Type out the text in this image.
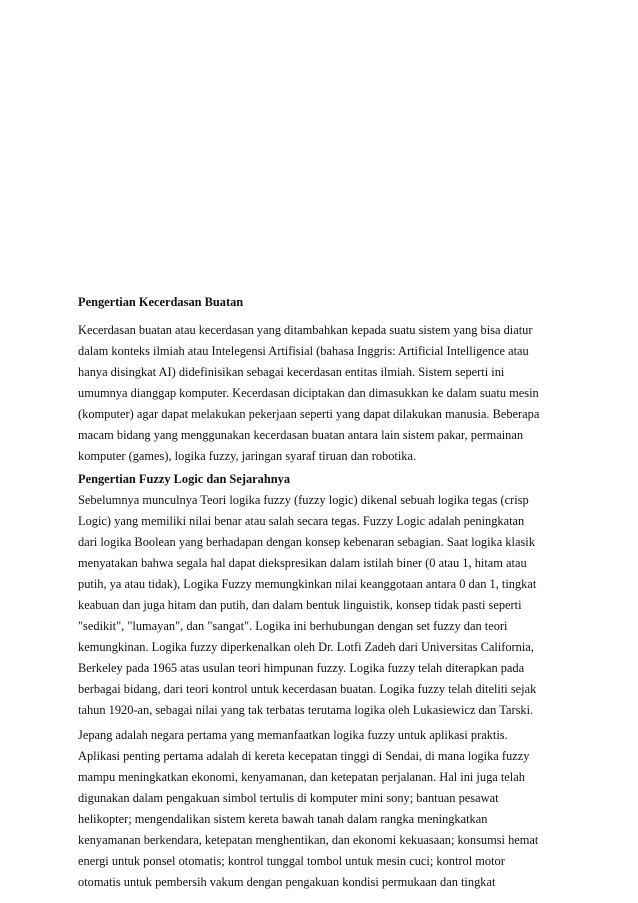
Pengertian Kecerdasan Buatan
Kecerdasan buatan atau kecerdasan yang ditambahkan kepada suatu sistem yang bisa diatur
dalam konteks ilmiah atau Intelegensi Artifisial (bahasa Inggris: Artificial Intelligence atau
hanya disingkat AI) didefinisikan sebagai kecerdasan entitas ilmiah. Sistem seperti ini
umumnya dianggap komputer. Kecerdasan diciptakan dan dimasukkan ke dalam suatu mesin
(komputer) agar dapat melakukan pekerjaan seperti yang dapat dilakukan manusia. Beberapa
macam bidang yang menggunakan kecerdasan buatan antara lain sistem pakar, permainan
komputer (games), logika fuzzy, jaringan syaraf tiruan dan robotika.
Pengertian Fuzzy Logic dan Sejarahnya
Sebelumnya munculnya Teori logika fuzzy (fuzzy logic) dikenal sebuah logika tegas (crisp
Logic) yang memiliki nilai benar atau salah secara tegas. Fuzzy Logic adalah peningkatan
dari logika Boolean yang berhadapan dengan konsep kebenaran sebagian. Saat logika klasik
menyatakan bahwa segala hal dapat diekspresikan dalam istilah biner (0 atau 1, hitam atau
putih, ya atau tidak), Logika Fuzzy memungkinkan nilai keanggotaan antara 0 dan 1, tingkat
keabuan dan juga hitam dan putih, dan dalam bentuk linguistik, konsep tidak pasti seperti
"sedikit", "lumayan", dan "sangat". Logika ini berhubungan dengan set fuzzy dan teori
kemungkinan. Logika fuzzy diperkenalkan oleh Dr. Lotfi Zadeh dari Universitas California,
Berkeley pada 1965 atas usulan teori himpunan fuzzy. Logika fuzzy telah diterapkan pada
berbagai bidang, dari teori kontrol untuk kecerdasan buatan. Logika fuzzy telah diteliti sejak
tahun 1920-an, sebagai nilai yang tak terbatas terutama logika oleh Lukasiewicz dan Tarski.
Jepang adalah negara pertama yang memanfaatkan logika fuzzy untuk aplikasi praktis.
Aplikasi penting pertama adalah di kereta kecepatan tinggi di Sendai, di mana logika fuzzy
mampu meningkatkan ekonomi, kenyamanan, dan ketepatan perjalanan. Hal ini juga telah
digunakan dalam pengakuan simbol tertulis di komputer mini sony; bantuan pesawat
helikopter; mengendalikan sistem kereta bawah tanah dalam rangka meningkatkan
kenyamanan berkendara, ketepatan menghentikan, dan ekonomi kekuasaan; konsumsi hemat
energi untuk ponsel otomatis; kontrol tunggal tombol untuk mesin cuci; kontrol motor
otomatis untuk pembersih vakum dengan pengakuan kondisi permukaan dan tingkat
